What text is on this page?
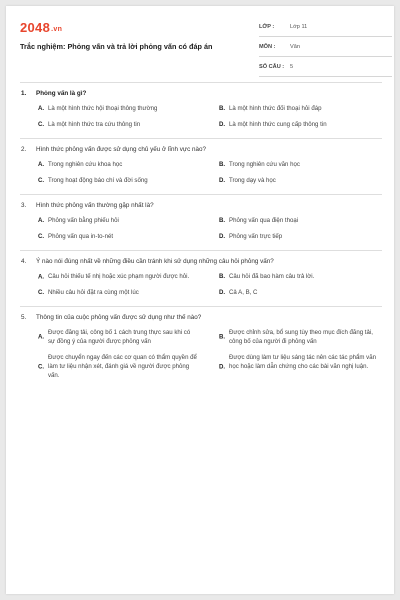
2048.vn
Trắc nghiệm: Phỏng vấn và trả lời phỏng vấn có đáp án
LỚP :	Lớp 11
MÔN :	Văn
SỐ CÂU : 5
1. Phỏng vấn là gì?
A. Là một hình thức hội thoại thông thường	B. Là một hình thức đối thoại hỏi đáp
C. Là một hình thức tra cứu thông tin	D. Là một hình thức cung cấp thông tin
2. Hình thức phỏng vấn được sử dụng chủ yếu ở lĩnh vực nào?
A. Trong nghiên cứu khoa học	B. Trong nghiên cứu văn học
C. Trong hoạt động báo chí và đời sống	D. Trong dạy và học
3. Hình thức phỏng vấn thường gặp nhất là?
A. Phỏng vấn bằng phiếu hỏi	B. Phỏng vấn qua điện thoại
C. Phỏng vấn qua in-to-nét	D. Phỏng vấn trực tiếp
4. Ý nào nói đúng nhất về những điều cần tránh khi sử dụng những câu hỏi phỏng vấn?
A. Câu hỏi thiếu tế nhị hoặc xúc phạm người được hỏi.	B. Câu hỏi đã bao hàm câu trả lời.
C. Nhiều câu hỏi đặt ra cùng một lúc	D. Cả A, B, C
5. Thông tin của cuộc phỏng vấn được sử dụng như thế nào?
A.
Được đăng tải, công bố 1 cách trung thực sau khi có sự đồng ý của người được phỏng vấn
B.
Được chỉnh sửa, bổ sung tùy theo mục đích đăng tải, công bố của người đi phỏng vấn
C.
Được chuyển ngay đến các cơ quan có thẩm quyền để làm tư liệu nhận xét, đánh giá về người được phỏng vấn.
D.
Được dùng làm tư liệu sáng tác nên các tác phẩm văn học hoặc làm dẫn chứng cho các bài văn nghị luận.
